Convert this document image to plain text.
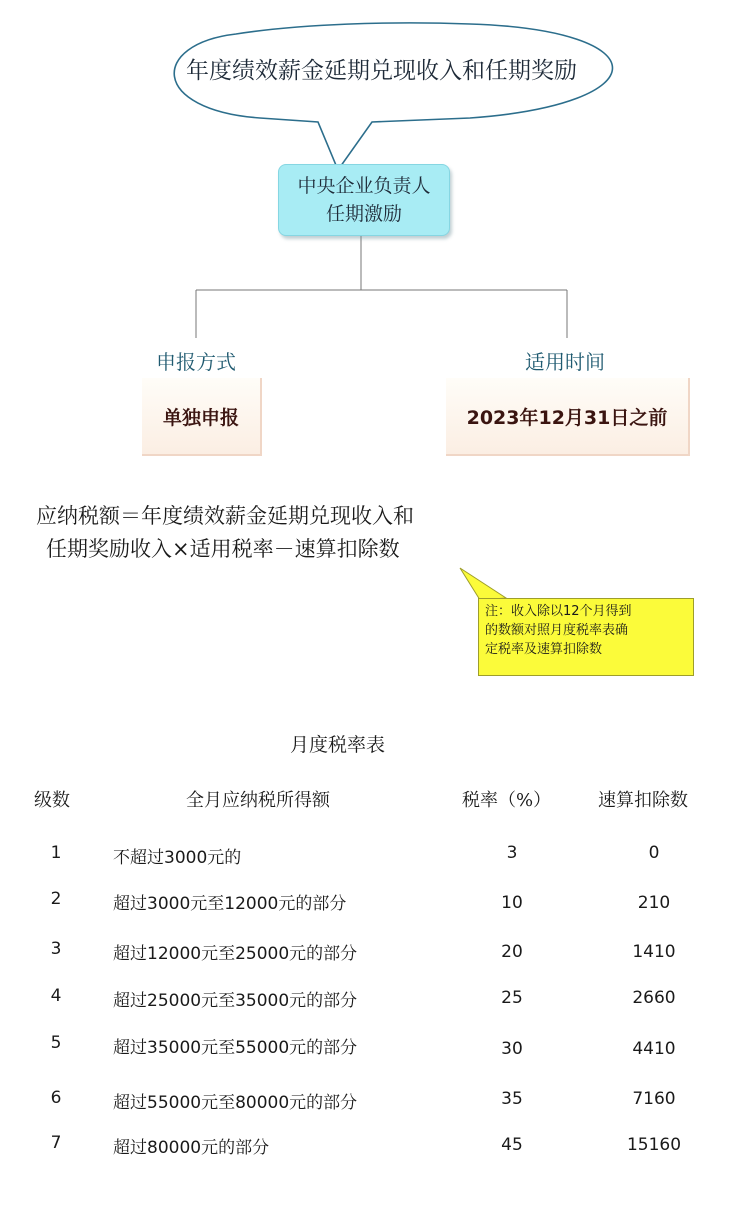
年度绩效薪金延期兑现收入和任期奖励
中央企业负责人
任期激励
申报方式
单独申报
适用时间
2023年12月31日之前
应纳税额＝年度绩效薪金延期兑现收入和
任期奖励收入×适用税率－速算扣除数
注：收入除以12个月得到
的数额对照月度税率表确
定税率及速算扣除数
月度税率表
级数	全月应纳税所得额	税率（%）	速算扣除数
1	不超过3000元的	3	0
2	超过3000元至12000元的部分	10	210
3	超过12000元至25000元的部分	20	1410
4	超过25000元至35000元的部分	25	2660
5	超过35000元至55000元的部分	30	4410
6	超过55000元至80000元的部分	35	7160
7	超过80000元的部分	45	15160
